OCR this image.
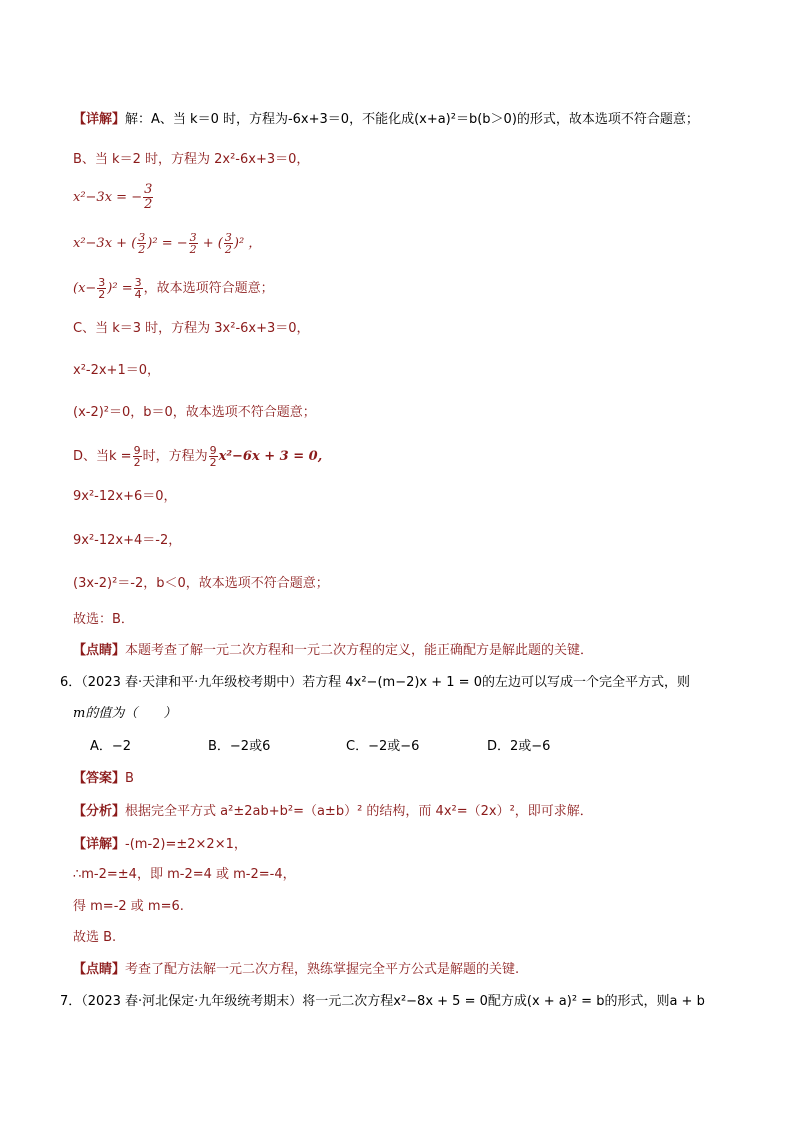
【详解】解：A、当 k＝0 时，方程为-6x+3＝0，不能化成(x+a)²＝b(b＞0)的形式，故本选项不符合题意；
B、当 k＝2 时，方程为 2x²-6x+3＝0，
x²−3x = − $\frac{3}{2}$
x²−3x + ( $\frac{3}{2} )^2$ = − $\frac{3}{2}$ + ( $\frac{3}{2} )^2$ ，
$(x- \frac{3}{2} )^2 = \frac{3}{4}$ ，故本选项符合题意；
C、当 k＝3 时，方程为 3x²-6x+3＝0，
x²-2x+1＝0，
(x-2)²＝0，b＝0，故本选项不符合题意；
D、当$k = \frac{9}{2}$ 时，方程为 $\frac{9}{2} x^2-6x + 3 = 0$,
9x²-12x+6＝0，
9x²-12x+4＝-2，
(3x-2)²＝-2，b＜0，故本选项不符合题意；
故选：B．
【点睛】本题考查了解一元二次方程和一元二次方程的定义，能正确配方是解此题的关键．
6．（2023 春·天津和平·九年级校考期中）若方程 4x²−(m−2)x + 1 = 0的左边可以写成一个完全平方式，则
m的值为（　　）
A．−2	B．−2或6	C．−2或−6	D．2或−6
【答案】B
【分析】根据完全平方式 a²±2ab+b²=（a±b）² 的结构，而 4x²=（2x）²，即可求解．
【详解】-(m-2)=±2×2×1，
∴m-2=±4，即 m-2=4 或 m-2=-4，
得 m=-2 或 m=6.
故选 B.
【点睛】考查了配方法解一元二次方程，熟练掌握完全平方公式是解题的关键.
7．（2023 春·河北保定·九年级统考期末）将一元二次方程x²−8x + 5 = 0配方成(x + a)² = b的形式，则a + b
